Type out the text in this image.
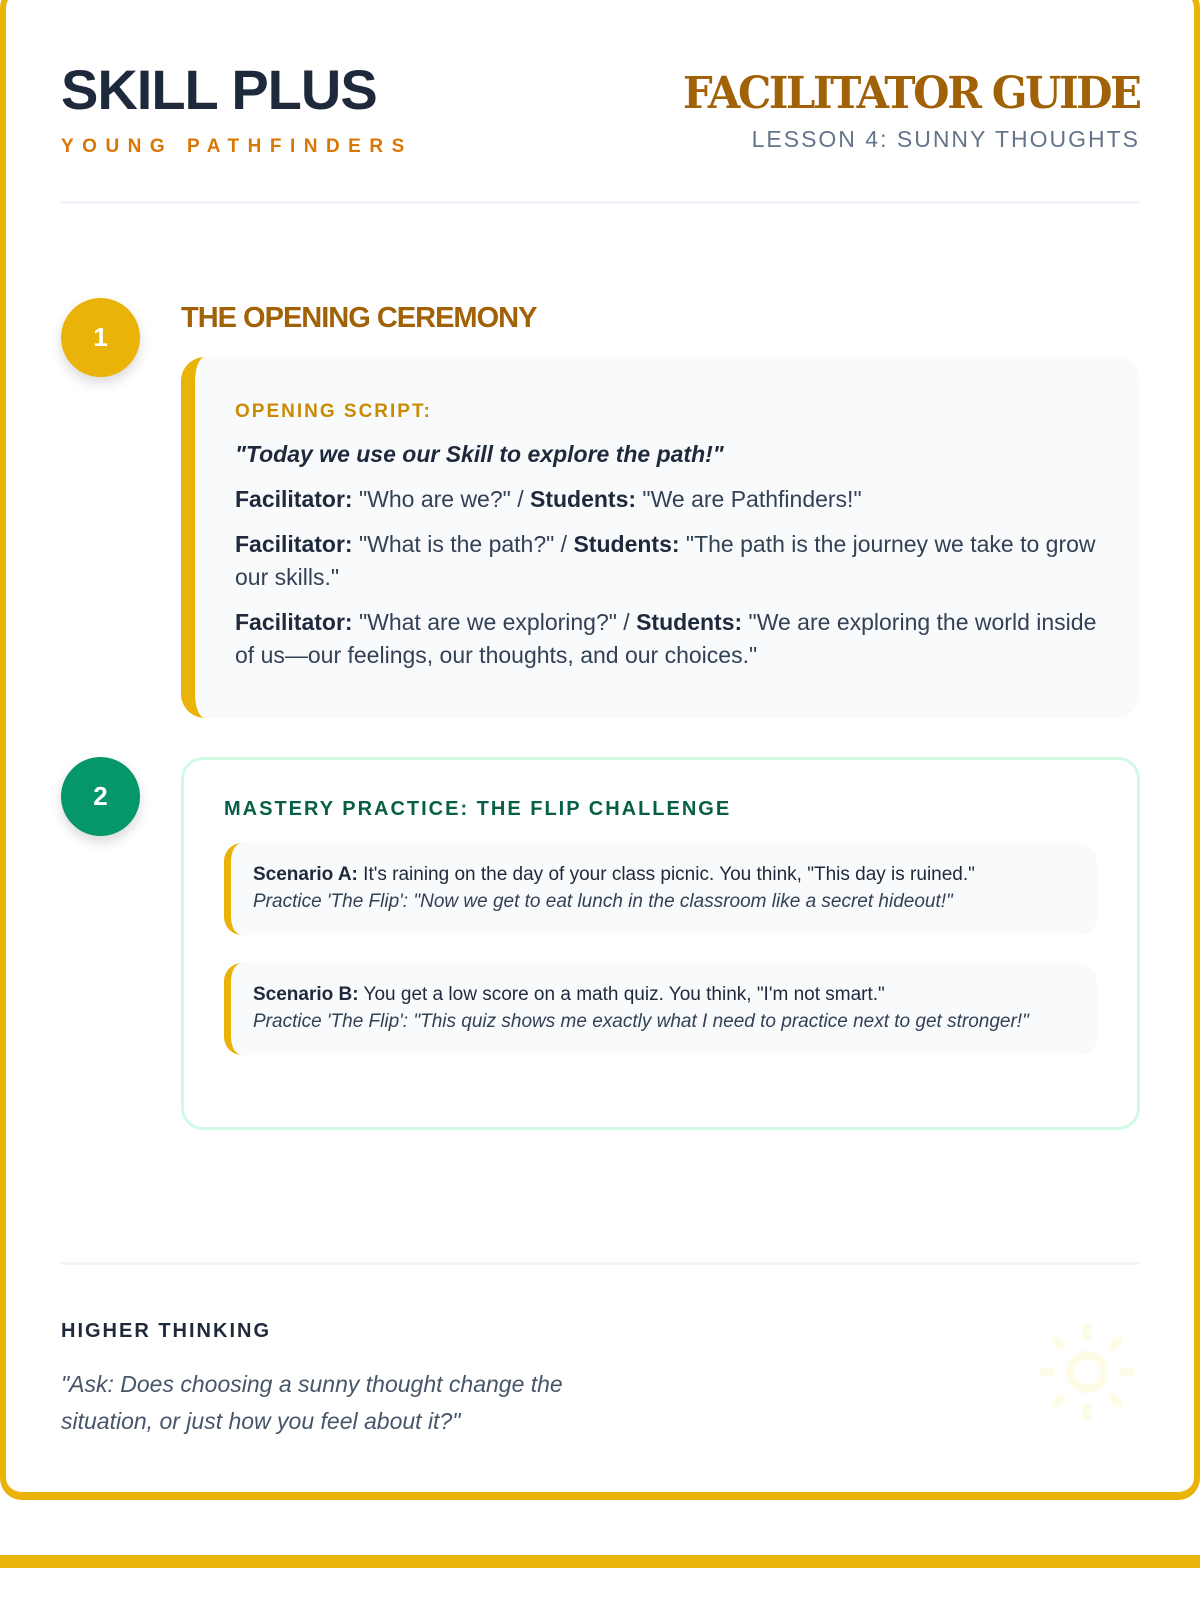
SKILL PLUS
YOUNG PATHFINDERS
FACILITATOR GUIDE
LESSON 4: SUNNY THOUGHTS
1
THE OPENING CEREMONY
OPENING SCRIPT:
"Today we use our Skill to explore the path!"

Facilitator: "Who are we?" / Students: "We are Pathfinders!"

Facilitator: "What is the path?" / Students: "The path is the journey we take to grow our skills."

Facilitator: "What are we exploring?" / Students: "We are exploring the world inside of us—our feelings, our thoughts, and our choices."

2	MASTERY PRACTICE: THE FLIP CHALLENGE
Scenario A: It's raining on the day of your class picnic. You think, "This day is ruined."
Practice 'The Flip': "Now we get to eat lunch in the classroom like a secret hideout!"
Scenario B: You get a low score on a math quiz. You think, "I'm not smart."
Practice 'The Flip': "This quiz shows me exactly what I need to practice next to get stronger!"
HIGHER THINKING
"Ask: Does choosing a sunny thought change the situation, or just how you feel about it?"
